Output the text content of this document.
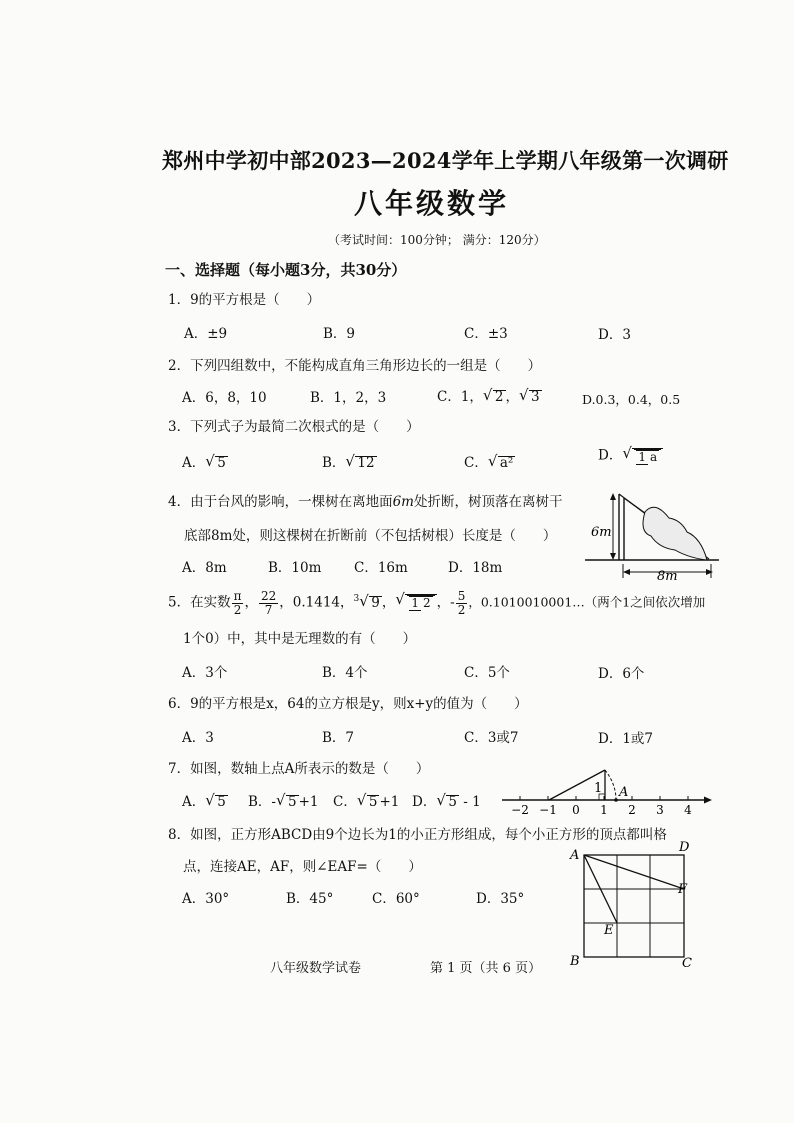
郑州中学初中部2023—2024学年上学期八年级第一次调研
八年级数学
（考试时间：100分钟； 满分：120分）
一、选择题（每小题3分，共30分）
1．9的平方根是（　　）
A．±9	B．9	C．±3	D．3
2．下列四组数中，不能构成直角三角形边长的一组是（　　）
A．6，8，10	B．1，2，3	C．1， √ 2 ， √ 3	D.0.3，0.4，0.5
3．下列式子为最简二次根式的是（　　）
A． √ 5	B． √ 12	C． √ a²	D． √ 1 a
4．由于台风的影响，一棵树在离地面6m处折断，树顶落在离树干
底部8m处，则这棵树在折断前（不包括树根）长度是（　　）
A．8m	B．10m C．16m	D．18m
6m
8m
5．在实数 $\frac{\pi}{2}$ ， $\frac{22}{7}$ ，0.1414，$^3$ √ 9 ， √ 1 2 ，- $\frac{5}{2}$ ，0.1010010001…（两个1之间依次增加
1个0）中，其中是无理数的有（　　）
A．3个	B．4个	C．5个	D．6个
6．9的平方根是x，64的立方根是y，则x+y的值为（　　）
A．3	B．7	C．3或7	D．1或7
7．如图，数轴上点A所表示的数是（　　）
A． √ 5 B．- √ 5 +1 C． √ 5 +1 D． √ 5 - 1	−2 −1 0 1 2 3 4
1 A
8．如图，正方形ABCD由9个边长为1的小正方形组成，每个小正方形的顶点都叫格
点，连接AE，AF，则∠EAF=（　　）
A．30°	B．45°	C．60°	D．35°
A
D
B	C
E
F
八年级数学试卷	第 1 页（共 6 页）
